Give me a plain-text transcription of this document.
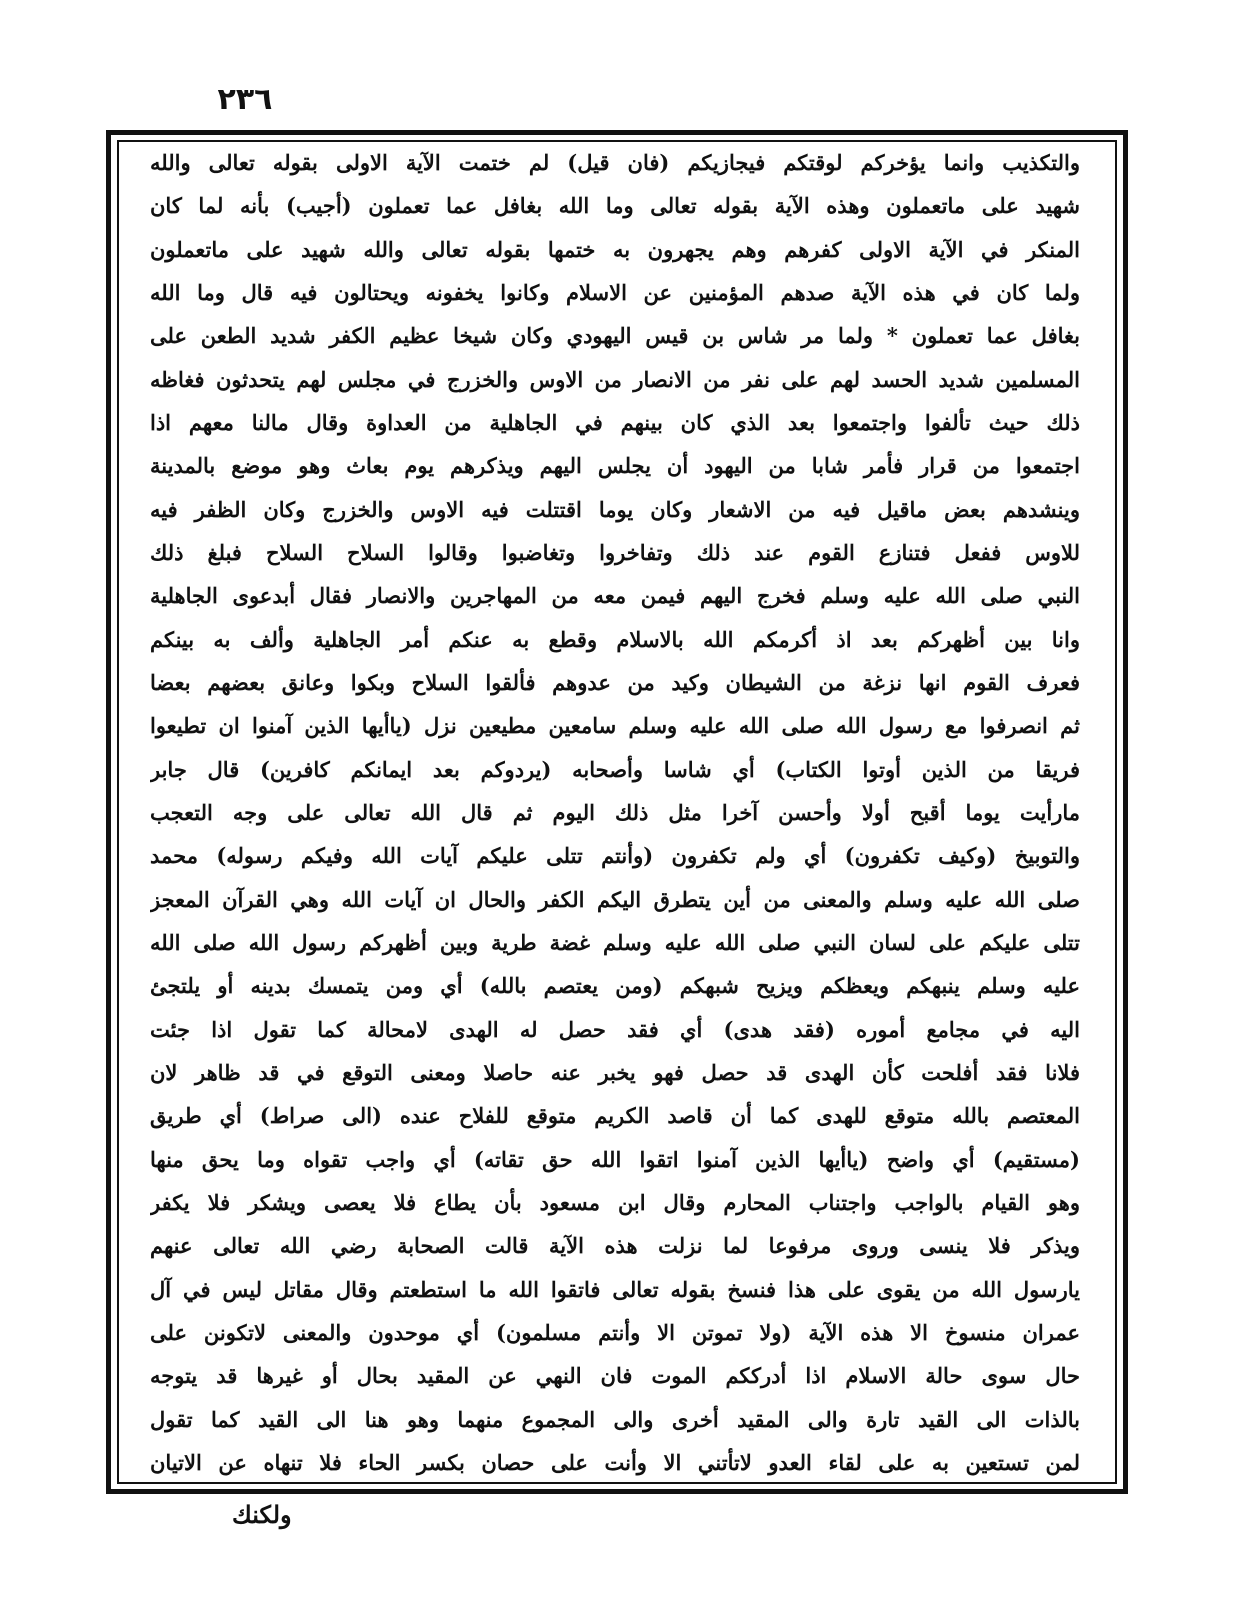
٢٣٦
والتكذيب وانما يؤخركم لوقتكم فيجازيكم (فان قيل) لم ختمت الآية الاولى بقوله تعالى والله
شهيد على ماتعملون وهذه الآية بقوله تعالى وما الله بغافل عما تعملون (أجيب) بأنه لما كان
المنكر في الآية الاولى كفرهم وهم يجهرون به ختمها بقوله تعالى والله شهيد على ماتعملون
ولما كان في هذه الآية صدهم المؤمنين عن الاسلام وكانوا يخفونه ويحتالون فيه قال وما الله
بغافل عما تعملون * ولما مر شاس بن قيس اليهودي وكان شيخا عظيم الكفر شديد الطعن على
المسلمين شديد الحسد لهم على نفر من الانصار من الاوس والخزرج في مجلس لهم يتحدثون فغاظه
ذلك حيث تألفوا واجتمعوا بعد الذي كان بينهم في الجاهلية من العداوة وقال مالنا معهم اذا
اجتمعوا من قرار فأمر شابا من اليهود أن يجلس اليهم ويذكرهم يوم بعاث وهو موضع بالمدينة
وينشدهم بعض ماقيل فيه من الاشعار وكان يوما اقتتلت فيه الاوس والخزرج وكان الظفر فيه
للاوس ففعل فتنازع القوم عند ذلك وتفاخروا وتغاضبوا وقالوا السلاح السلاح فبلغ ذلك
النبي صلى الله عليه وسلم فخرج اليهم فيمن معه من المهاجرين والانصار فقال أبدعوى الجاهلية
وانا بين أظهركم بعد اذ أكرمكم الله بالاسلام وقطع به عنكم أمر الجاهلية وألف به بينكم
فعرف القوم انها نزغة من الشيطان وكيد من عدوهم فألقوا السلاح وبكوا وعانق بعضهم بعضا
ثم انصرفوا مع رسول الله صلى الله عليه وسلم سامعين مطيعين نزل (ياأيها الذين آمنوا ان تطيعوا
فريقا من الذين أوتوا الكتاب) أي شاسا وأصحابه (يردوكم بعد ايمانكم كافرين) قال جابر
مارأيت يوما أقبح أولا وأحسن آخرا مثل ذلك اليوم ثم قال الله تعالى على وجه التعجب
والتوبيخ (وكيف تكفرون) أي ولم تكفرون (وأنتم تتلى عليكم آيات الله وفيكم رسوله) محمد
صلى الله عليه وسلم والمعنى من أين يتطرق اليكم الكفر والحال ان آيات الله وهي القرآن المعجز
تتلى عليكم على لسان النبي صلى الله عليه وسلم غضة طرية وبين أظهركم رسول الله صلى الله
عليه وسلم ينبهكم ويعظكم ويزيح شبهكم (ومن يعتصم بالله) أي ومن يتمسك بدينه أو يلتجئ
اليه في مجامع أموره (فقد هدى) أي فقد حصل له الهدى لامحالة كما تقول اذا جئت
فلانا فقد أفلحت كأن الهدى قد حصل فهو يخبر عنه حاصلا ومعنى التوقع في قد ظاهر لان
المعتصم بالله متوقع للهدى كما أن قاصد الكريم متوقع للفلاح عنده (الى صراط) أي طريق
(مستقيم) أي واضح (ياأيها الذين آمنوا اتقوا الله حق تقاته) أي واجب تقواه وما يحق منها
وهو القيام بالواجب واجتناب المحارم وقال ابن مسعود بأن يطاع فلا يعصى ويشكر فلا يكفر
ويذكر فلا ينسى وروى مرفوعا لما نزلت هذه الآية قالت الصحابة رضي الله تعالى عنهم
يارسول الله من يقوى على هذا فنسخ بقوله تعالى فاتقوا الله ما استطعتم وقال مقاتل ليس في آل
عمران منسوخ الا هذه الآية (ولا تموتن الا وأنتم مسلمون) أي موحدون والمعنى لاتكونن على
حال سوى حالة الاسلام اذا أدرككم الموت فان النهي عن المقيد بحال أو غيرها قد يتوجه
بالذات الى القيد تارة والى المقيد أخرى والى المجموع منهما وهو هنا الى القيد كما تقول
لمن تستعين به على لقاء العدو لاتأتني الا وأنت على حصان بكسر الحاء فلا تنهاه عن الاتيان
ولكنك
